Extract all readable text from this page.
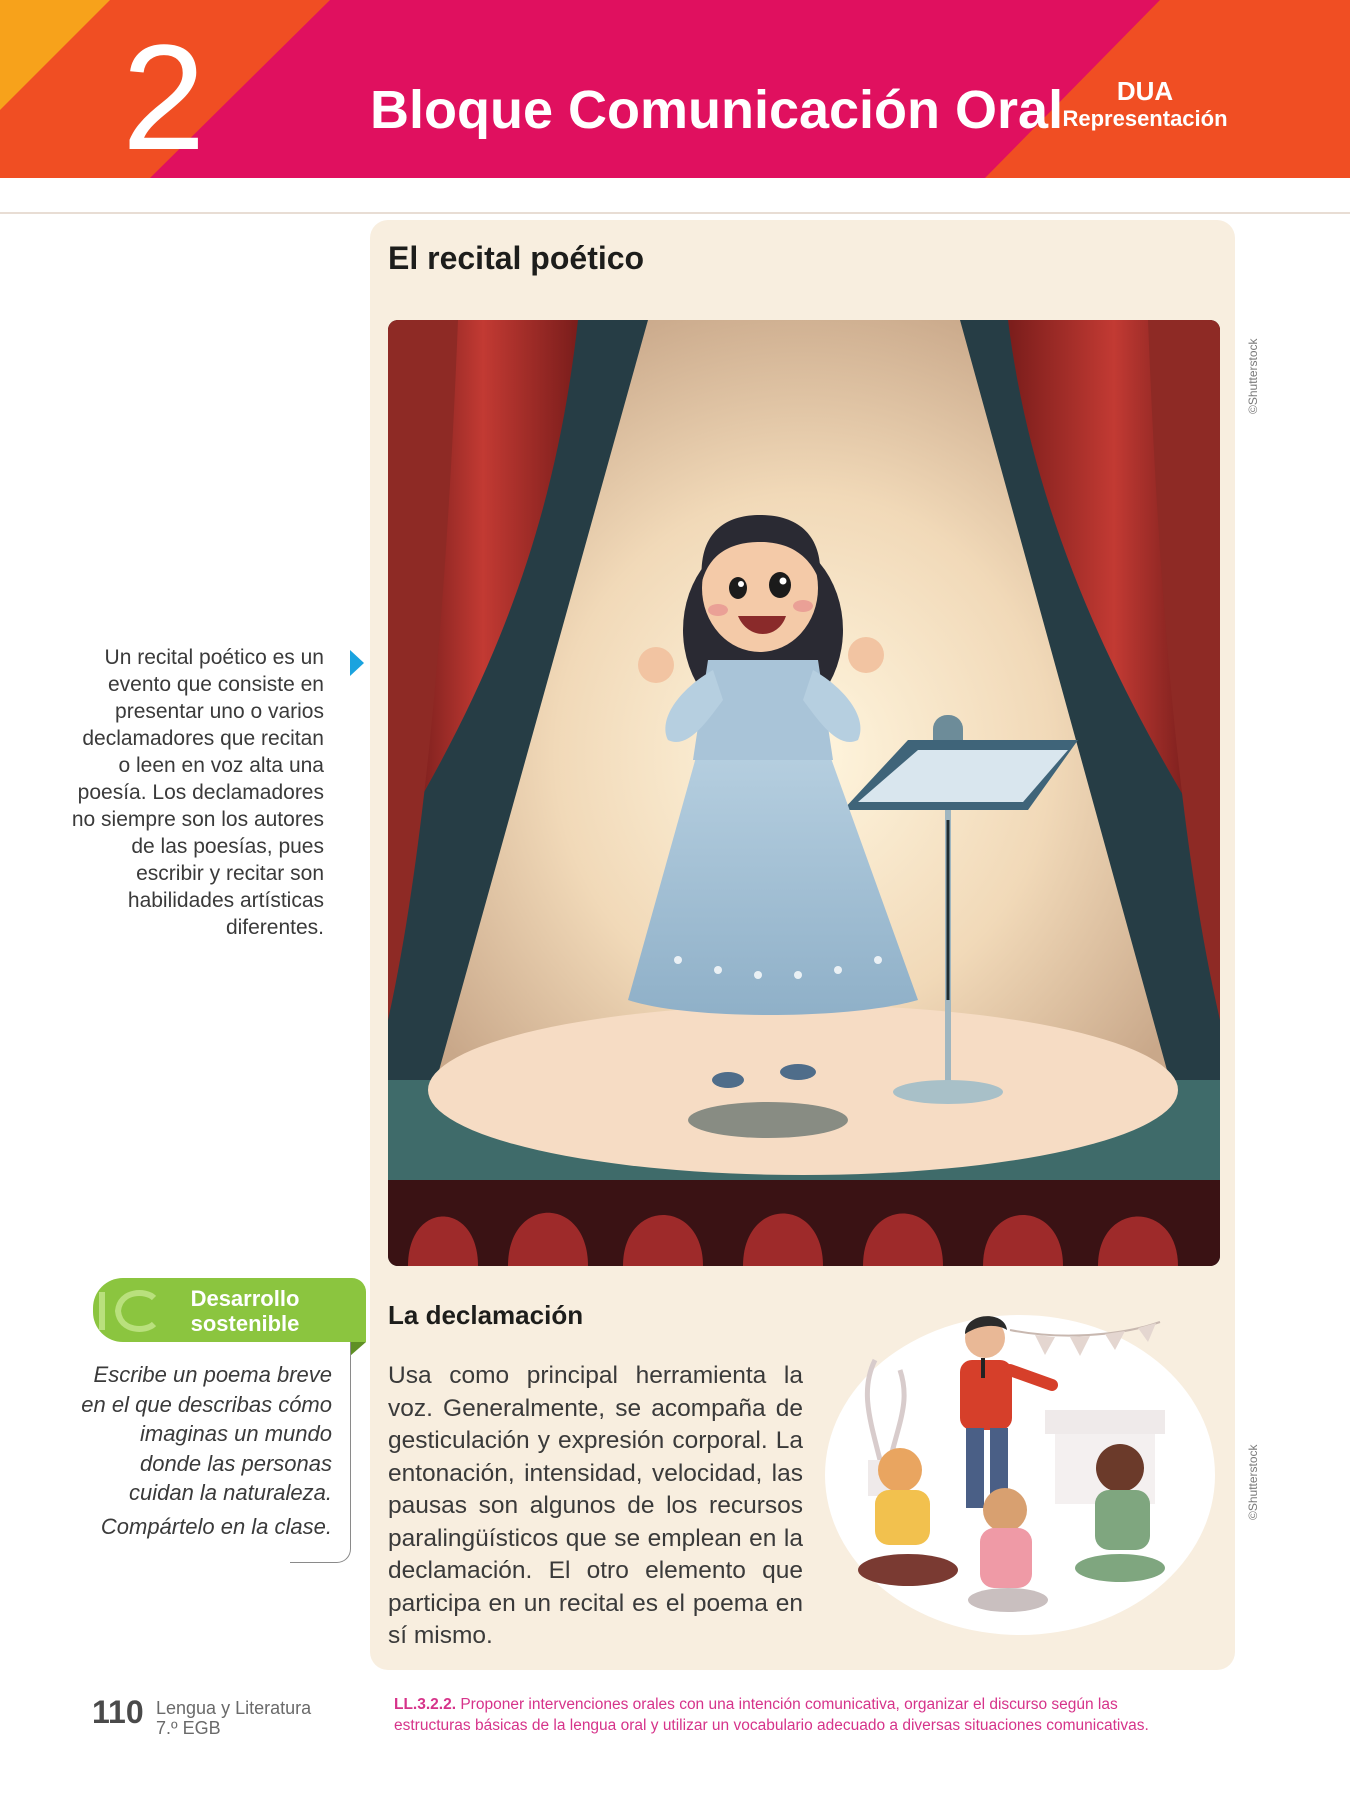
2	Bloque Comunicación Oral	DUA
Representación
El recital poético
©Shutterstock
Un recital poético es un evento que consiste en presentar uno o varios declamadores que recitan o leen en voz alta una poesía. Los declamadores no siempre son los autores de las poesías, pues escribir y recitar son habilidades artísticas diferentes.
Desarrollo
sostenible
Escribe un poema breve en el que describas cómo imaginas un mundo donde las personas cuidan la naturaleza.
Compártelo en la clase.
La declamación
Usa como principal herramienta la voz. Generalmente, se acompaña de gesticulación y expresión corporal. La entonación, intensidad, velocidad, las pausas son algunos de los recursos paralingüísticos que se emplean en la declamación. El otro elemento que participa en un recital es el poema en sí mismo.
©Shutterstock
110 Lengua y Literatura
7.º EGB
LL.3.2.2. Proponer intervenciones orales con una intención comunicativa, organizar el discurso según las estructuras básicas de la lengua oral y utilizar un vocabulario adecuado a diversas situaciones comunicativas.
